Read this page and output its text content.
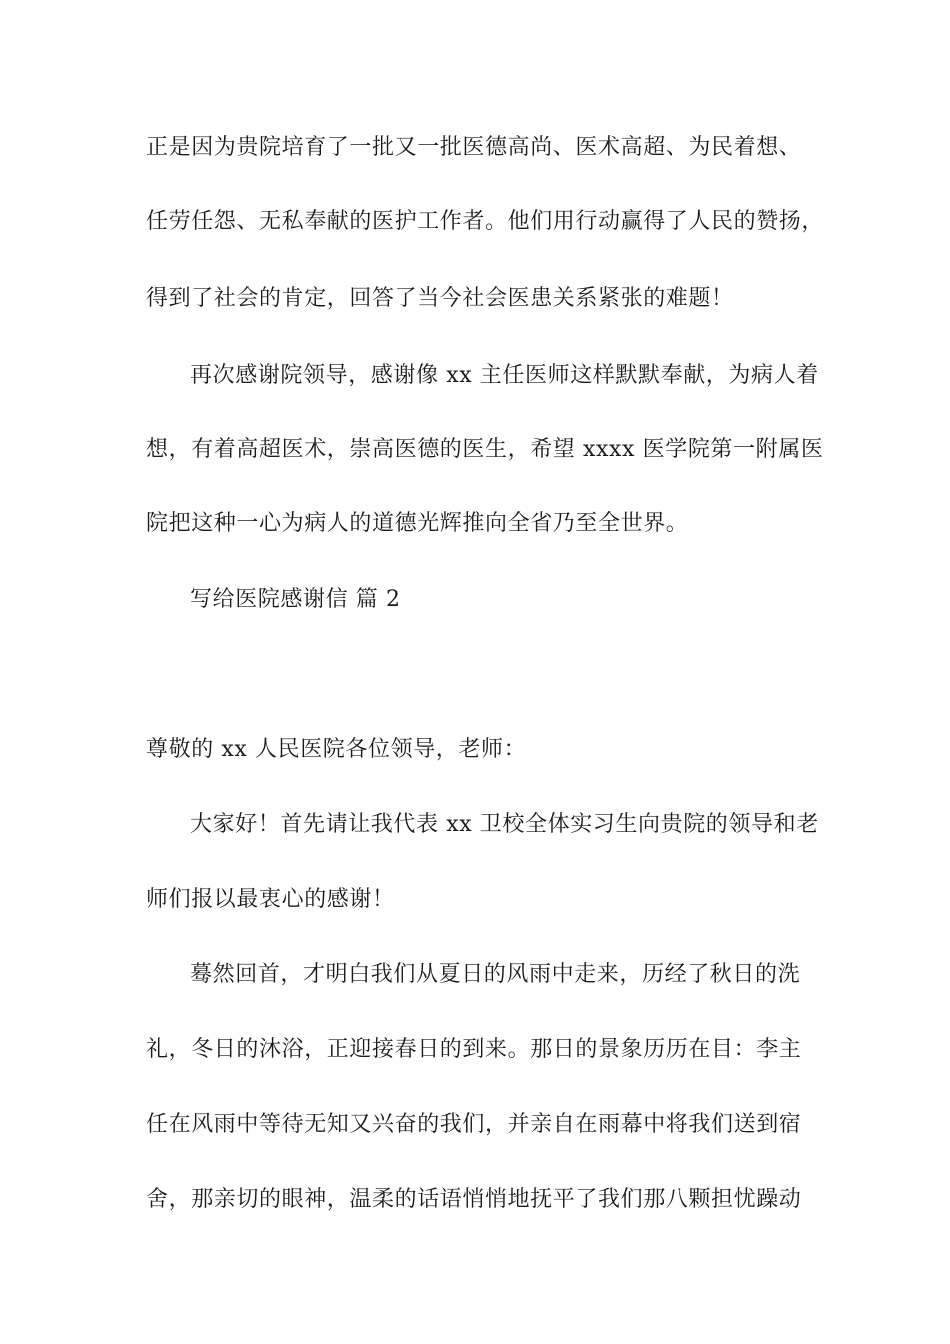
正是因为贵院培育了一批又一批医德高尚、医术高超、为民着想、
任劳任怨、无私奉献的医护工作者。他们用行动赢得了人民的赞扬，
得到了社会的肯定，回答了当今社会医患关系紧张的难题！
再次感谢院领导，感谢像 xx 主任医师这样默默奉献，为病人着
想，有着高超医术，崇高医德的医生，希望 xxxx 医学院第一附属医
院把这种一心为病人的道德光辉推向全省乃至全世界。
写给医院感谢信 篇 2
尊敬的 xx 人民医院各位领导，老师：
大家好！首先请让我代表 xx 卫校全体实习生向贵院的领导和老
师们报以最衷心的感谢！
蓦然回首，才明白我们从夏日的风雨中走来，历经了秋日的洗
礼，冬日的沐浴，正迎接春日的到来。那日的景象历历在目：李主
任在风雨中等待无知又兴奋的我们，并亲自在雨幕中将我们送到宿
舍，那亲切的眼神，温柔的话语悄悄地抚平了我们那八颗担忧躁动
